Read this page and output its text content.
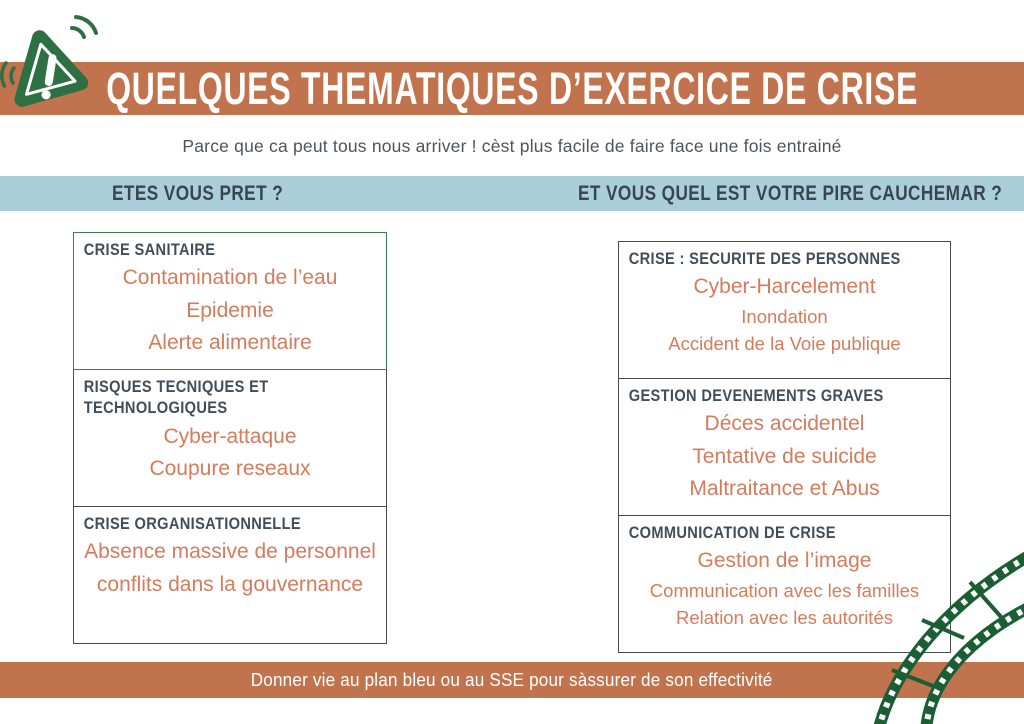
QUELQUES THEMATIQUES D’EXERCICE DE CRISE
Parce que ca peut tous nous arriver ! cèst plus facile de faire face une fois entrainé
ETES VOUS PRET ?	ET VOUS QUEL EST VOTRE PIRE CAUCHEMAR ?
CRISE SANITAIRE
Contamination de l’eau
Epidemie
Alerte alimentaire
RISQUES TECNIQUES ET TECHNOLOGIQUES
Cyber-attaque
Coupure reseaux
CRISE ORGANISATIONNELLE
Absence massive de personnel
conflits dans la gouvernance
CRISE : SECURITE DES PERSONNES
Cyber-Harcelement
Inondation
Accident de la Voie publique
GESTION DEVENEMENTS GRAVES
Déces accidentel
Tentative de suicide
Maltraitance et Abus
COMMUNICATION DE CRISE
Gestion de l’image
Communication avec les familles
Relation avec les autorités
Donner vie au plan bleu ou au SSE pour sàssurer de son effectivité
